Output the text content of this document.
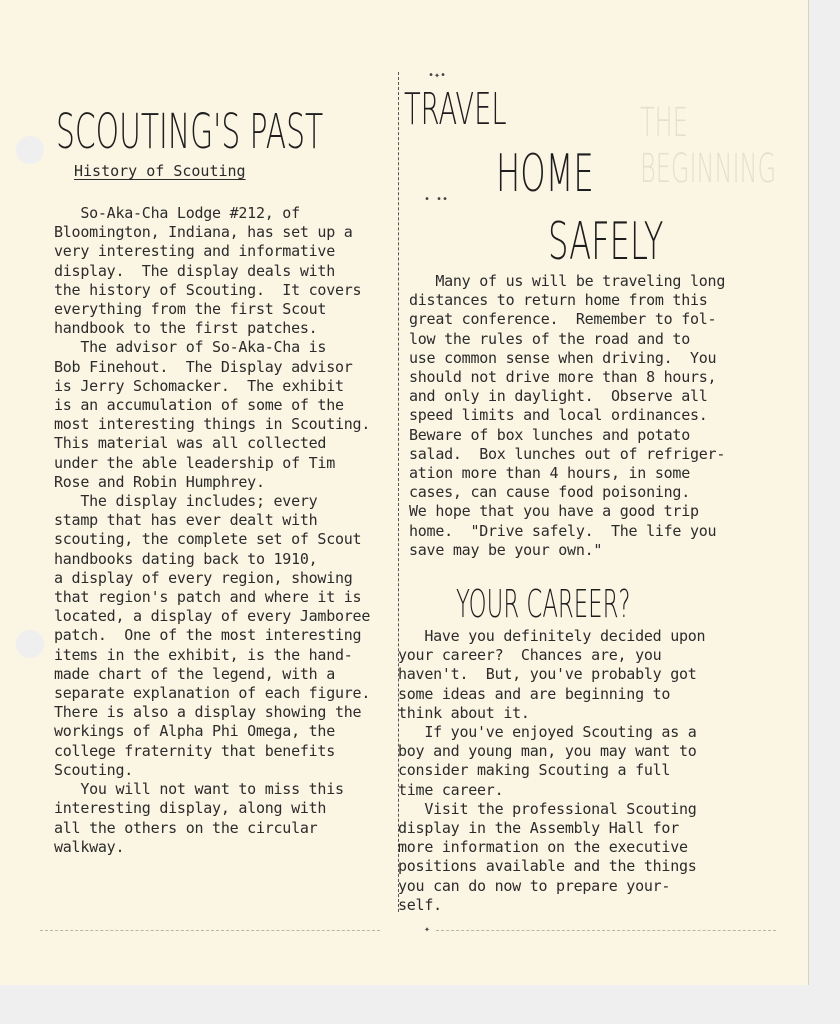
THE BEGINNING
•✦•
• ••
✦
SCOUTING'S PAST
History of Scouting

So-Aka-Cha Lodge #212, of
Bloomington, Indiana, has set up a
very interesting and informative
display.  The display deals with
the history of Scouting.  It covers
everything from the first Scout
handbook to the first patches.
The advisor of So-Aka-Cha is
Bob Finehout.  The Display advisor
is Jerry Schomacker.  The exhibit
is an accumulation of some of the
most interesting things in Scouting.
This material was all collected
under the able leadership of Tim
Rose and Robin Humphrey.
The display includes; every
stamp that has ever dealt with
scouting, the complete set of Scout
handbooks dating back to 1910,
a display of every region, showing
that region's patch and where it is
located, a display of every Jamboree
patch.  One of the most interesting
items in the exhibit, is the hand-
made chart of the legend, with a
separate explanation of each figure.
There is also a display showing the
workings of Alpha Phi Omega, the
college fraternity that benefits
Scouting.
You will not want to miss this
interesting display, along with
all the others on the circular
walkway.

TRAVEL
HOME
SAFELY

Many of us will be traveling long
distances to return home from this
great conference.  Remember to fol-
low the rules of the road and to
use common sense when driving.  You
should not drive more than 8 hours,
and only in daylight.  Observe all
speed limits and local ordinances.
Beware of box lunches and potato
salad.  Box lunches out of refriger-
ation more than 4 hours, in some
cases, can cause food poisoning.
We hope that you have a good trip
home.  "Drive safely.  The life you
save may be your own."

YOUR CAREER?

Have you definitely decided upon
your career?  Chances are, you
haven't.  But, you've probably got
some ideas and are beginning to
think about it.
If you've enjoyed Scouting as a
boy and young man, you may want to
consider making Scouting a full
time career.
Visit the professional Scouting
display in the Assembly Hall for
more information on the executive
positions available and the things
you can do now to prepare your-
self.
